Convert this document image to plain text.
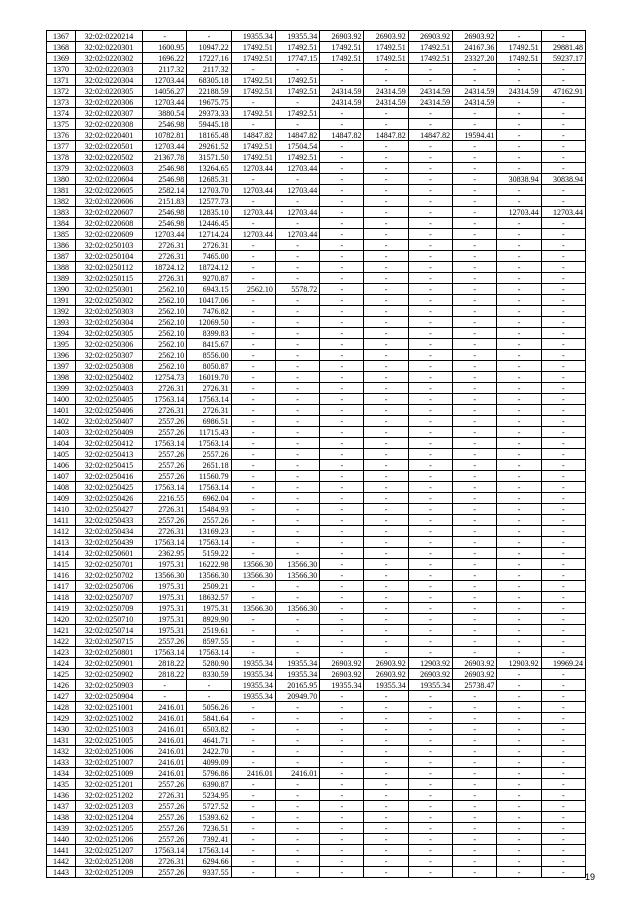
1367	32:02:0220214	-	-	19355.34	19355.34	26903.92	26903.92	26903.92	26903.92	-	-
1368	32:02:0220301	1600.95	10947.22	17492.51	17492.51	17492.51	17492.51	17492.51	24167.36	17492.51	29881.48
1369	32:02:0220302	1696.22	17227.16	17492.51	17747.15	17492.51	17492.51	17492.51	23327.20	17492.51	59237.17
1370	32:02:0220303	2117.32	2117.32	-	-	-	-	-	-	-	-
1371	32:02:0220304	12703.44	68305.18	17492.51	17492.51	-	-	-	-	-	-
1372	32:02:0220305	14056.27	22188.59	17492.51	17492.51	24314.59	24314.59	24314.59	24314.59	24314.59	47162.91
1373	32:02:0220306	12703.44	19675.75	-	-	24314.59	24314.59	24314.59	24314.59	-	-
1374	32:02:0220307	3880.54	29373.33	17492.51	17492.51	-	-	-	-	-	-
1375	32:02:0220308	2546.98	59445.18	-	-	-	-	-	-	-	-
1376	32:02:0220401	10782.81	18165.48	14847.82	14847.82	14847.82	14847.82	14847.82	19594.41	-	-
1377	32:02:0220501	12703.44	29261.52	17492.51	17504.54	-	-	-	-	-	-
1378	32:02:0220502	21367.78	31571.50	17492.51	17492.51	-	-	-	-	-	-
1379	32:02:0220603	2546.98	13264.65	12703.44	12703.44	-	-	-	-	-	-
1380	32:02:0220604	2546.98	12685.31	-	-	-	-	-	-	30838.94	30838.94
1381	32:02:0220605	2582.14	12703.70	12703.44	12703.44	-	-	-	-	-	-
1382	32:02:0220606	2151.83	12577.73	-	-	-	-	-	-	-	-
1383	32:02:0220607	2546.98	12835.10	12703.44	12703.44	-	-	-	-	12703.44	12703.44
1384	32:02:0220608	2546.98	12446.45	-	-	-	-	-	-	-	-
1385	32:02:0220609	12703.44	12714.24	12703.44	12703.44	-	-	-	-	-	-
1386	32:02:0250103	2726.31	2726.31	-	-	-	-	-	-	-	-
1387	32:02:0250104	2726.31	7465.00	-	-	-	-	-	-	-	-
1388	32:02:0250112	18724.12	18724.12	-	-	-	-	-	-	-	-
1389	32:02:0250115	2726.31	9270.87	-	-	-	-	-	-	-	-
1390	32:02:0250301	2562.10	6943.15	2562.10	5578.72	-	-	-	-	-	-
1391	32:02:0250302	2562.10	10417.06	-	-	-	-	-	-	-	-
1392	32:02:0250303	2562.10	7476.82	-	-	-	-	-	-	-	-
1393	32:02:0250304	2562.10	12069.50	-	-	-	-	-	-	-	-
1394	32:02:0250305	2562.10	8399.83	-	-	-	-	-	-	-	-
1395	32:02:0250306	2562.10	8415.67	-	-	-	-	-	-	-	-
1396	32:02:0250307	2562.10	8556.00	-	-	-	-	-	-	-	-
1397	32:02:0250308	2562.10	8050.87	-	-	-	-	-	-	-	-
1398	32:02:0250402	12754.73	16019.70	-	-	-	-	-	-	-	-
1399	32:02:0250403	2726.31	2726.31	-	-	-	-	-	-	-	-
1400	32:02:0250405	17563.14	17563.14	-	-	-	-	-	-	-	-
1401	32:02:0250406	2726.31	2726.31	-	-	-	-	-	-	-	-
1402	32:02:0250407	2557.26	6986.51	-	-	-	-	-	-	-	-
1403	32:02:0250409	2557.26	11715.43	-	-	-	-	-	-	-	-
1404	32:02:0250412	17563.14	17563.14	-	-	-	-	-	-	-	-
1405	32:02:0250413	2557.26	2557.26	-	-	-	-	-	-	-	-
1406	32:02:0250415	2557.26	2651.18	-	-	-	-	-	-	-	-
1407	32:02:0250416	2557.26	11560.79	-	-	-	-	-	-	-	-
1408	32:02:0250425	17563.14	17563.14	-	-	-	-	-	-	-	-
1409	32:02:0250426	2216.55	6962.04	-	-	-	-	-	-	-	-
1410	32:02:0250427	2726.31	15484.93	-	-	-	-	-	-	-	-
1411	32:02:0250433	2557.26	2557.26	-	-	-	-	-	-	-	-
1412	32:02:0250434	2726.31	13169.23	-	-	-	-	-	-	-	-
1413	32:02:0250439	17563.14	17563.14	-	-	-	-	-	-	-	-
1414	32:02:0250601	2362.95	5159.22	-	-	-	-	-	-	-	-
1415	32:02:0250701	1975.31	16222.98	13566.30	13566.30	-	-	-	-	-	-
1416	32:02:0250702	13566.30	13566.30	13566.30	13566.30	-	-	-	-	-	-
1417	32:02:0250706	1975.31	2509.21	-	-	-	-	-	-	-	-
1418	32:02:0250707	1975.31	18632.57	-	-	-	-	-	-	-	-
1419	32:02:0250709	1975.31	1975.31	13566.30	13566.30	-	-	-	-	-	-
1420	32:02:0250710	1975.31	8929.90	-	-	-	-	-	-	-	-
1421	32:02:0250714	1975.31	2519.61	-	-	-	-	-	-	-	-
1422	32:02:0250715	2557.26	8597.55	-	-	-	-	-	-	-	-
1423	32:02:0250801	17563.14	17563.14	-	-	-	-	-	-	-	-
1424	32:02:0250901	2818.22	5280.90	19355.34	19355.34	26903.92	26903.92	12903.92	26903.92	12903.92	19969.24
1425	32:02:0250902	2818.22	8330.59	19355.34	19355.34	26903.92	26903.92	26903.92	26903.92	-	-
1426	32:02:0250903	-	-	19355.34	20165.95	19355.34	19355.34	19355.34	25738.47	-	-
1427	32:02:0250904	-	-	19355.34	20949.70	-	-	-	-	-	-
1428	32:02:0251001	2416.01	5056.26	-	-	-	-	-	-	-	-
1429	32:02:0251002	2416.01	5841.64	-	-	-	-	-	-	-	-
1430	32:02:0251003	2416.01	6503.82	-	-	-	-	-	-	-	-
1431	32:02:0251005	2416.01	4641.71	-	-	-	-	-	-	-	-
1432	32:02:0251006	2416.01	2422.70	-	-	-	-	-	-	-	-
1433	32:02:0251007	2416.01	4099.09	-	-	-	-	-	-	-	-
1434	32:02:0251009	2416.01	5796.86	2416.01	2416.01	-	-	-	-	-	-
1435	32:02:0251201	2557.26	6390.87	-	-	-	-	-	-	-	-
1436	32:02:0251202	2726.31	5234.95	-	-	-	-	-	-	-	-
1437	32:02:0251203	2557.26	5727.52	-	-	-	-	-	-	-	-
1438	32:02:0251204	2557.26	15393.62	-	-	-	-	-	-	-	-
1439	32:02:0251205	2557.26	7236.51	-	-	-	-	-	-	-	-
1440	32:02:0251206	2557.26	7392.41	-	-	-	-	-	-	-	-
1441	32:02:0251207	17563.14	17563.14	-	-	-	-	-	-	-	-
1442	32:02:0251208	2726.31	6294.66	-	-	-	-	-	-	-	-
1443	32:02:0251209	2557.26	9337.55	-	-	-	-	-	-	-	- 19
